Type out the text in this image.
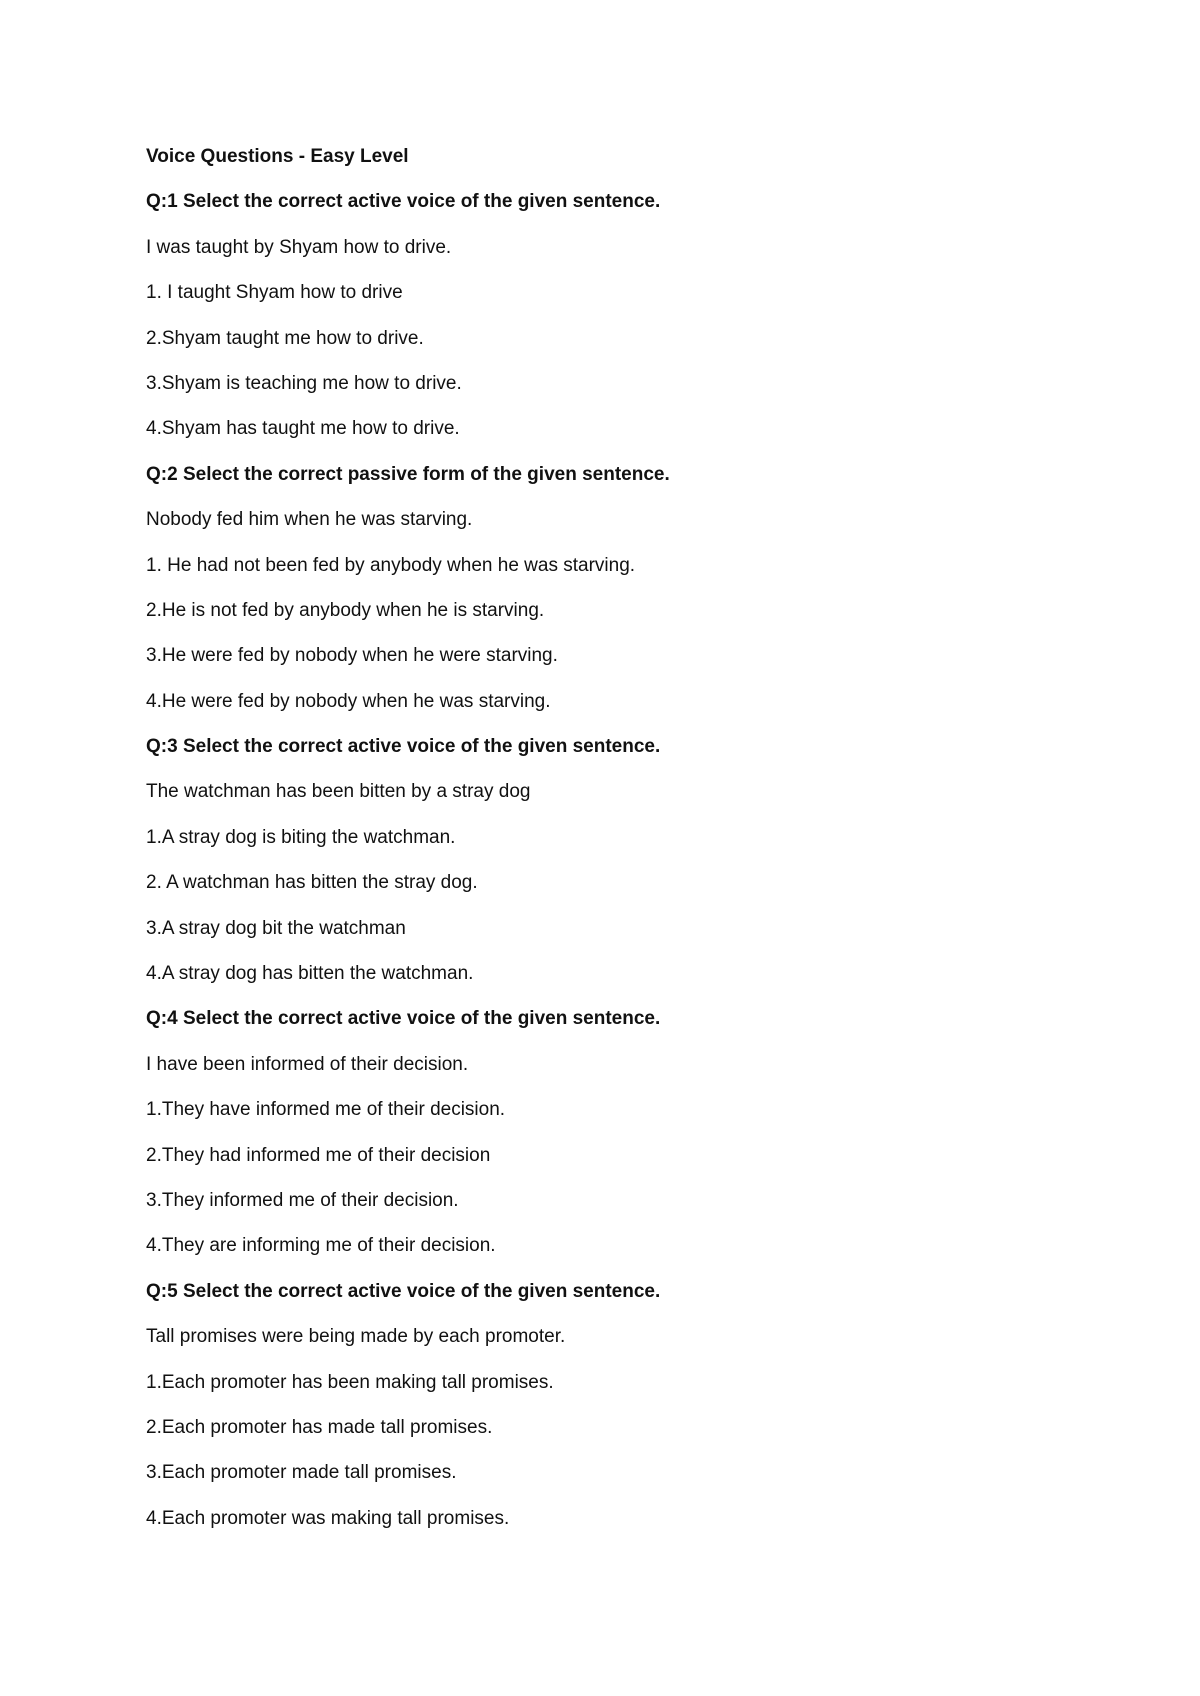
Voice Questions - Easy Level
Q:1 Select the correct active voice of the given sentence.
I was taught by Shyam how to drive.
1. I taught Shyam how to drive
2.Shyam taught me how to drive.
3.Shyam is teaching me how to drive.
4.Shyam has taught me how to drive.
Q:2 Select the correct passive form of the given sentence.
Nobody fed him when he was starving.
1. He had not been fed by anybody when he was starving.
2.He is not fed by anybody when he is starving.
3.He were fed by nobody when he were starving.
4.He were fed by nobody when he was starving.
Q:3 Select the correct active voice of the given sentence.
The watchman has been bitten by a stray dog
1.A stray dog is biting the watchman.
2. A watchman has bitten the stray dog.
3.A stray dog bit the watchman
4.A stray dog has bitten the watchman.
Q:4 Select the correct active voice of the given sentence.
I have been informed of their decision.
1.They have informed me of their decision.
2.They had informed me of their decision
3.They informed me of their decision.
4.They are informing me of their decision.
Q:5 Select the correct active voice of the given sentence.
Tall promises were being made by each promoter.
1.Each promoter has been making tall promises.
2.Each promoter has made tall promises.
3.Each promoter made tall promises.
4.Each promoter was making tall promises.
